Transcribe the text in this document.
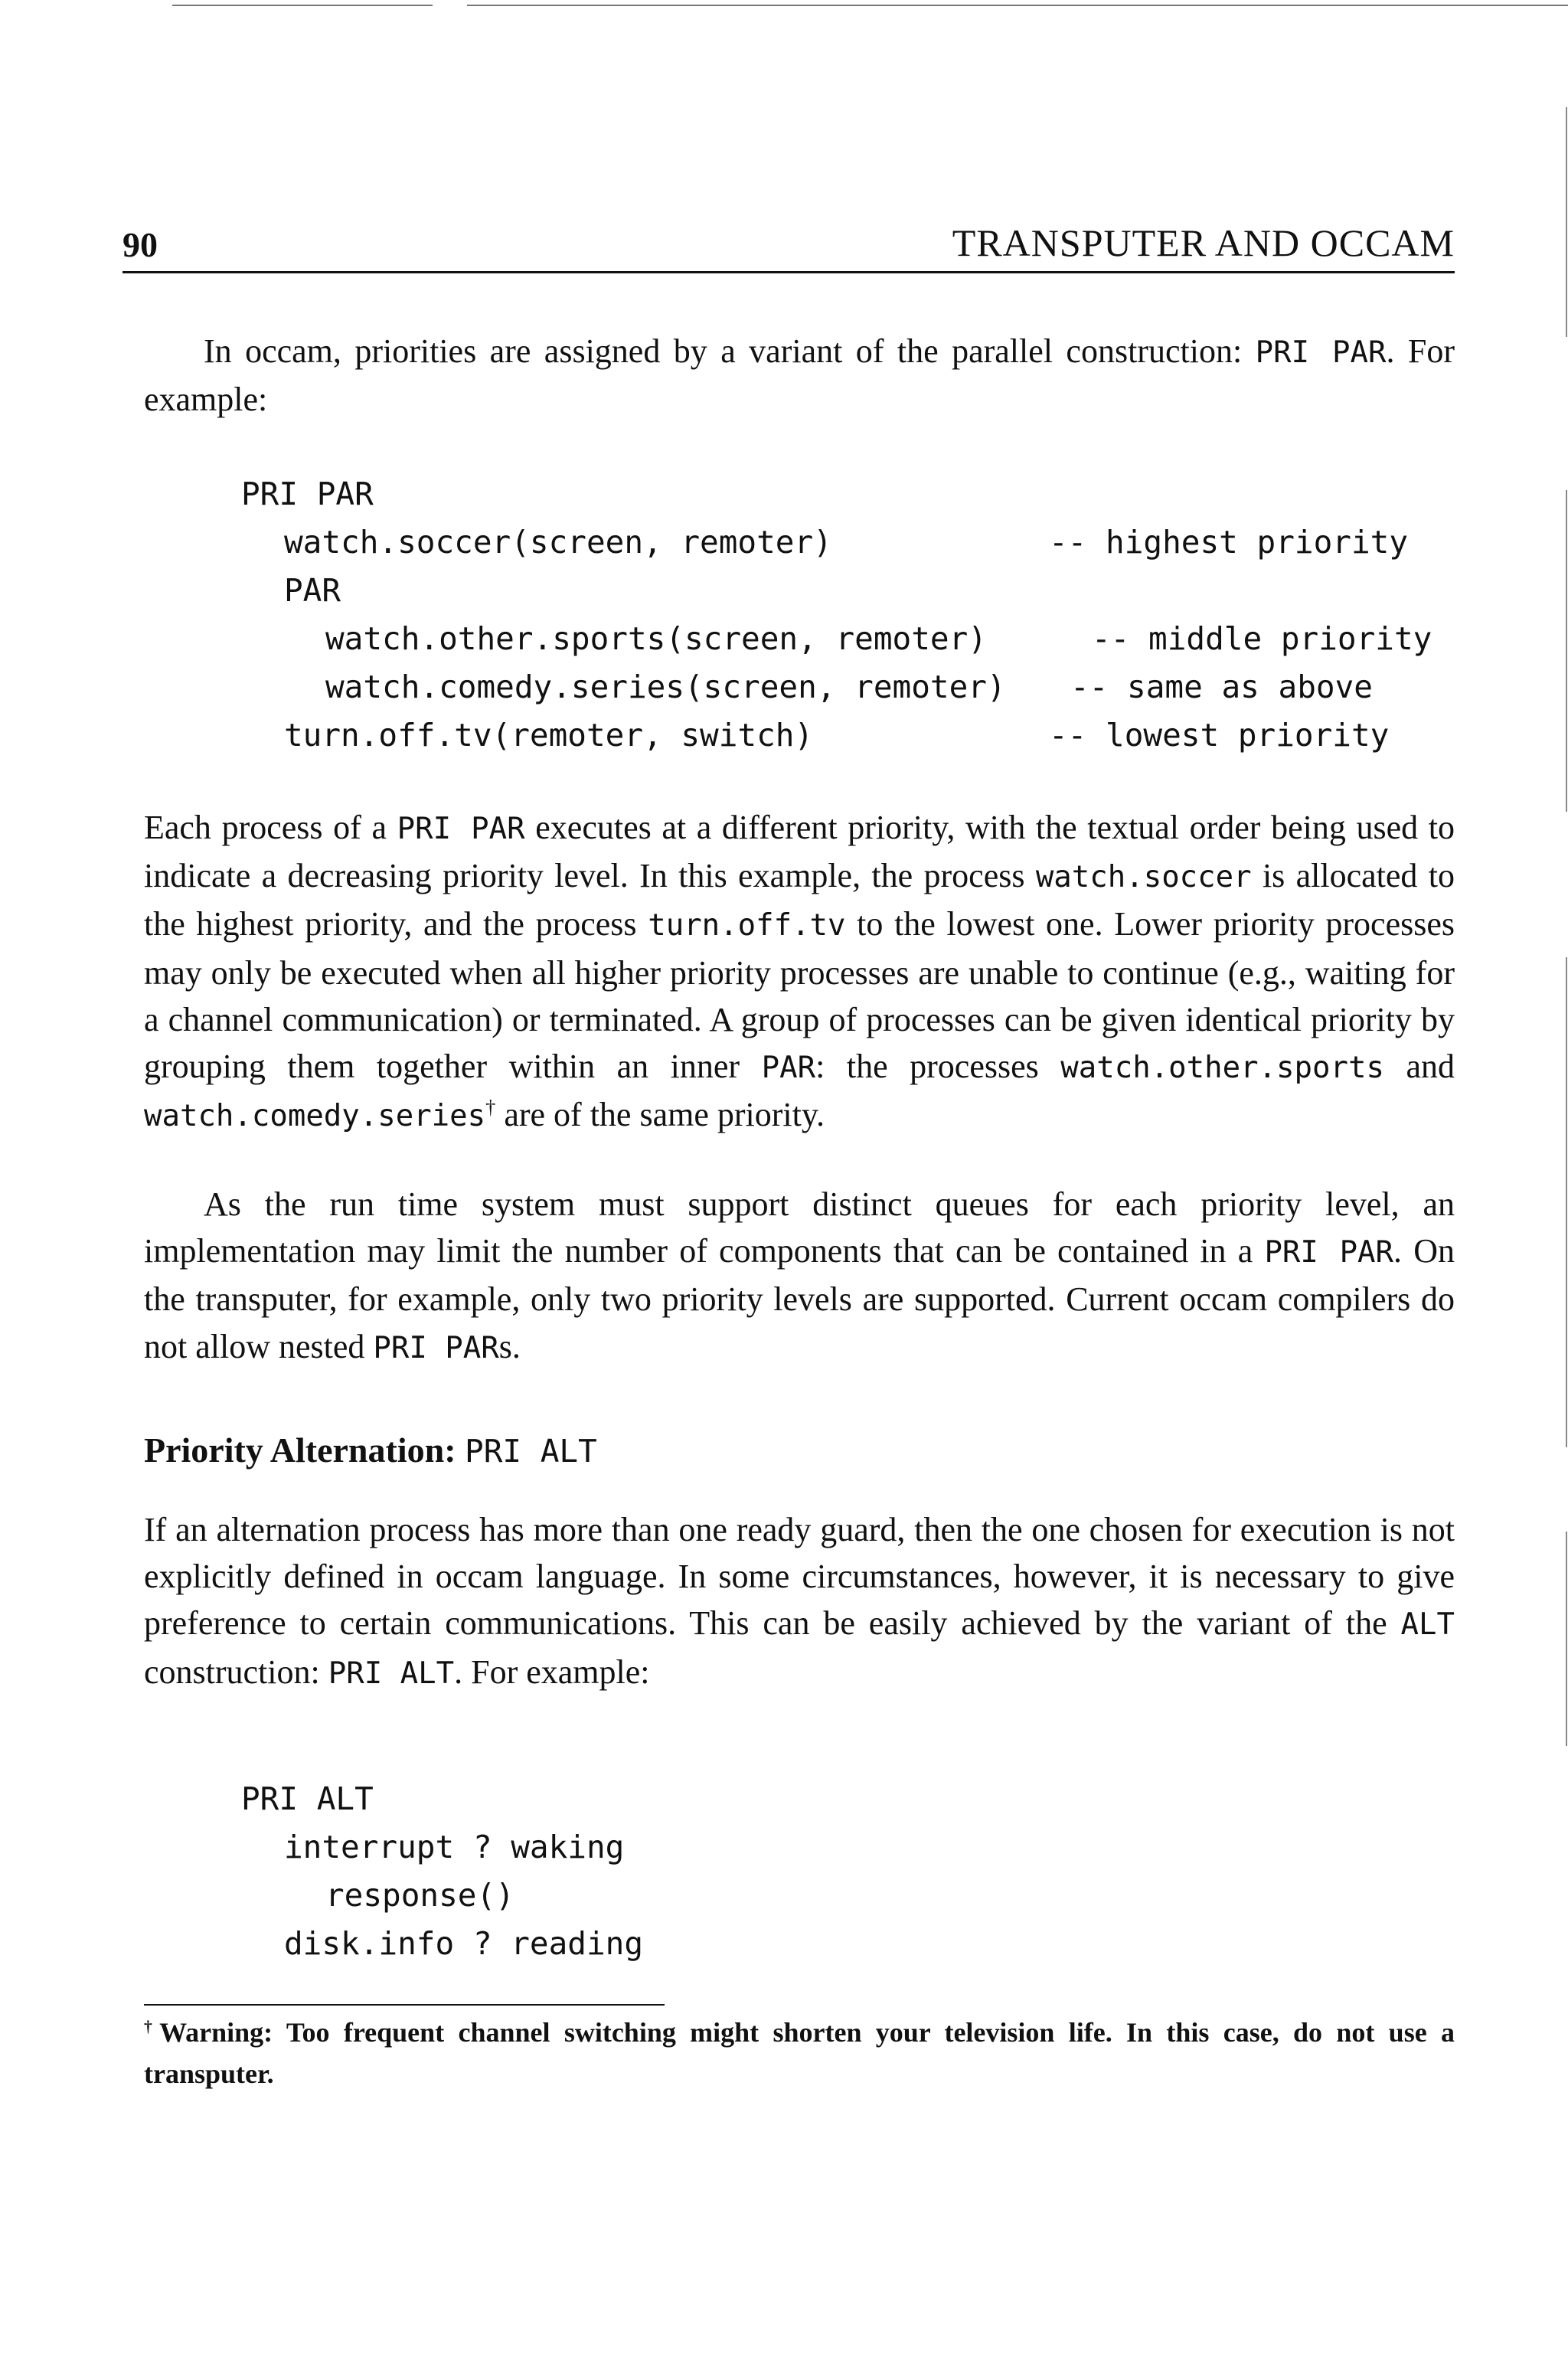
90	TRANSPUTER AND OCCAM

In occam, priorities are assigned by a variant of the parallel construction: PRI PAR. For example:

PRI PAR
watch.soccer(screen, remoter)	-- highest priority
PAR
watch.other.sports(screen, remoter)	-- middle priority
watch.comedy.series(screen, remoter) -- same as above
turn.off.tv(remoter, switch)	-- lowest priority

Each process of a PRI PAR executes at a different priority, with the textual order being used to indicate a decreasing priority level. In this example, the process watch.soccer is allocated to the highest priority, and the process turn.off.tv to the lowest one. Lower priority processes may only be executed when all higher priority processes are unable to continue (e.g., waiting for a channel communication) or terminated. A group of processes can be given identical priority by grouping them together within an inner PAR: the processes watch.other.sports and watch.comedy.series† are of the same priority.

As the run time system must support distinct queues for each priority level, an implementation may limit the number of components that can be contained in a PRI PAR. On the transputer, for example, only two priority levels are supported. Current occam compilers do not allow nested PRI PARs.

Priority Alternation: PRI ALT

If an alternation process has more than one ready guard, then the one chosen for execution is not explicitly defined in occam language. In some circumstances, however, it is necessary to give preference to certain communications. This can be easily achieved by the variant of the ALT construction: PRI ALT. For example:

PRI ALT
interrupt ? waking
response()
disk.info ? reading

†Warning: Too frequent channel switching might shorten your television life. In this case, do not use a transputer.
